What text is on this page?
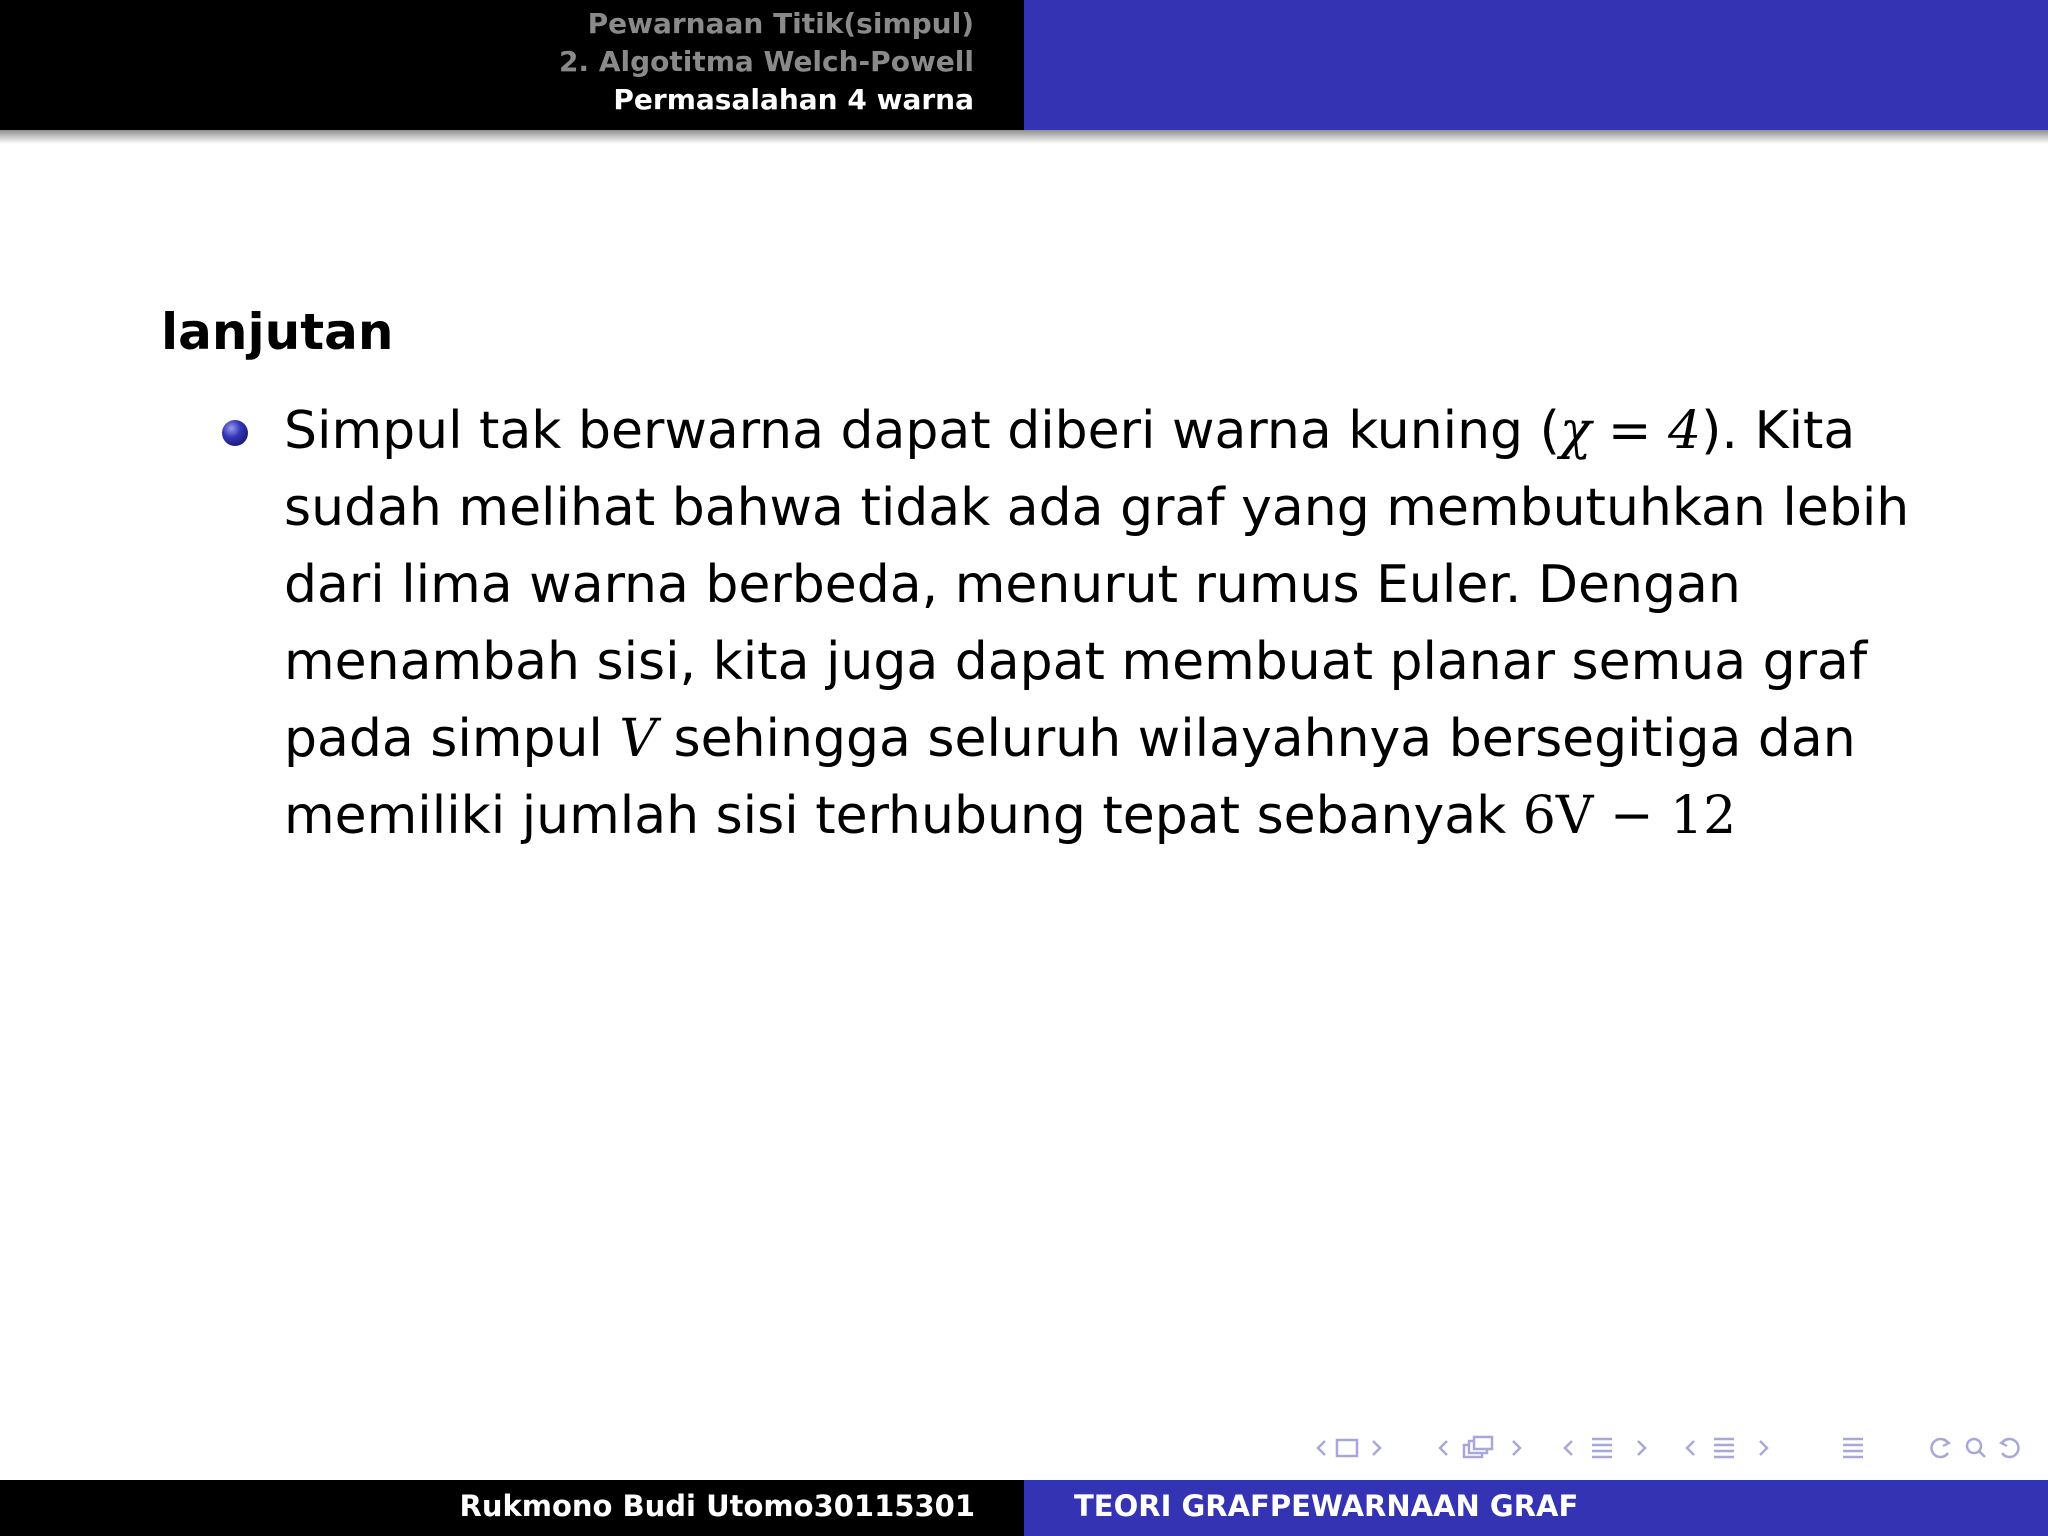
Pewarnaan Titik(simpul)
2. Algotitma Welch-Powell
Permasalahan 4 warna
lanjutan
Simpul tak berwarna dapat diberi warna kuning (χ = 4). Kita
sudah melihat bahwa tidak ada graf yang membutuhkan lebih
dari lima warna berbeda, menurut rumus Euler. Dengan
menambah sisi, kita juga dapat membuat planar semua graf
pada simpul V sehingga seluruh wilayahnya bersegitiga dan
memiliki jumlah sisi terhubung tepat sebanyak 6V − 12
Rukmono Budi Utomo30115301	TEORI GRAFPEWARNAAN GRAF
